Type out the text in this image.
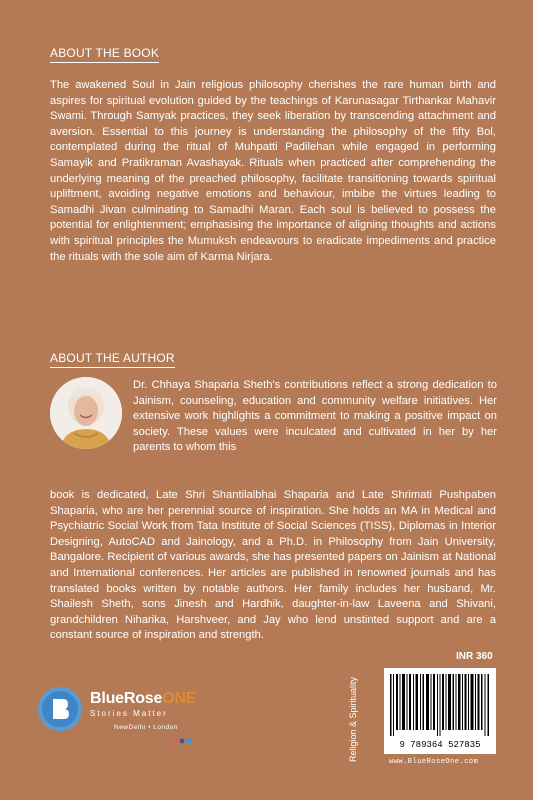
ABOUT THE BOOK
The awakened Soul in Jain religious philosophy cherishes the rare human birth and aspires for spiritual evolution guided by the teachings of Karunasagar Tirthankar Mahavir Swami. Through Samyak practices, they seek liberation by transcending attachment and aversion. Essential to this journey is understanding the philosophy of the fifty Bol, contemplated during the ritual of Muhpatti Padilehan while engaged in performing Samayik and Pratikraman Avashayak. Rituals when practiced after comprehending the underlying meaning of the preached philosophy, facilitate transitioning towards spiritual upliftment, avoiding negative emotions and behaviour, imbibe the virtues leading to Samadhi Jivan culminating to Samadhi Maran. Each soul is believed to possess the potential for enlightenment; emphasising the importance of aligning thoughts and actions with spiritual principles the Mumuksh endeavours to eradicate impediments and practice the rituals with the sole aim of Karma Nirjara.
ABOUT THE AUTHOR
Dr. Chhaya Shaparia Sheth's contributions reflect a strong dedication to Jainism, counseling, education and community welfare initiatives. Her extensive work highlights a commitment to making a positive impact on society. These values were inculcated and cultivated in her by her parents to whom this
book is dedicated, Late Shri Shantilalbhai Shaparia and Late Shrimati Pushpaben Shaparia, who are her perennial source of inspiration. She holds an MA in Medical and Psychiatric Social Work from Tata Institute of Social Sciences (TISS), Diplomas in Interior Designing, AutoCAD and Jainology, and a Ph.D. in Philosophy from Jain University, Bangalore. Recipient of various awards, she has presented papers on Jainism at National and International conferences. Her articles are published in renowned journals and has translated books written by notable authors. Her family includes her husband, Mr. Shailesh Sheth, sons Jinesh and Hardhik, daughter-in-law Laveena and Shivani, grandchildren Niharika, Harshveer, and Jay who lend unstinted support and are a constant source of inspiration and strength.
BlueRoseONE
Stories Matter
NewDelhi • London
INR 360
Religion & Spirituality	9 789364 527835
www.BlueRoseOne.com
